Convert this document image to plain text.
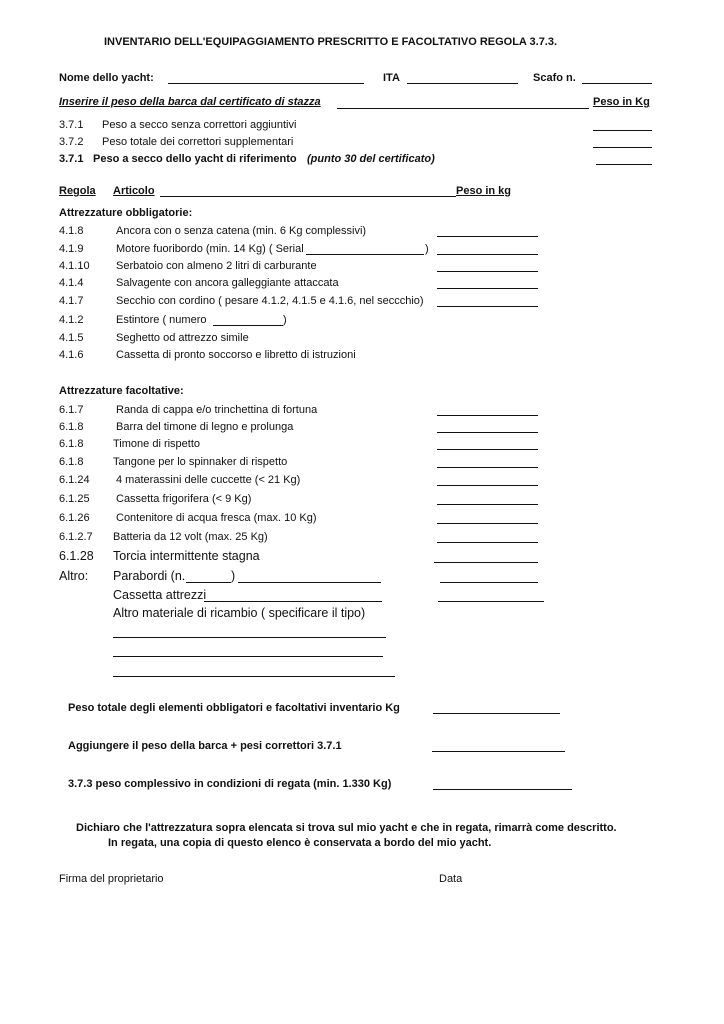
INVENTARIO DELL'EQUIPAGGIAMENTO PRESCRITTO E FACOLTATIVO REGOLA 3.7.3.
Nome dello yacht:	ITA	Scafo n.
Inserire il peso della barca dal certificato di stazza	Peso in Kg
3.7.1 Peso a secco senza correttori aggiuntivi
3.7.2 Peso totale dei correttori supplementari
3.7.1 Peso a secco dello yacht di riferimento (punto 30 del certificato)
Regola Articolo	Peso in kg
Attrezzature obbligatorie:
4.1.8	Ancora con o senza catena (min. 6 Kg complessivi)
4.1.9	Motore fuoribordo (min. 14 Kg) ( Serial	)
4.1.10 Serbatoio con almeno 2 litri di carburante
4.1.4	Salvagente con ancora galleggiante attaccata
4.1.7	Secchio con cordino ( pesare 4.1.2, 4.1.5 e 4.1.6, nel seccchio)
4.1.2	Estintore ( numero	)
4.1.5	Seghetto od attrezzo simile
4.1.6	Cassetta di pronto soccorso e libretto di istruzioni
Attrezzature facoltative:
6.1.7	Randa di cappa e/o trinchettina di fortuna
6.1.8	Barra del timone di legno e prolunga
6.1.8	Timone di rispetto
6.1.8	Tangone per lo spinnaker di rispetto
6.1.24 4 materassini delle cuccette (< 21 Kg)
6.1.25 Cassetta frigorifera (< 9 Kg)
6.1.26 Contenitore di acqua fresca (max. 10 Kg)
6.1.2.7 Batteria da 12 volt (max. 25 Kg)
6.1.28 Torcia intermittente stagna
Altro: Parabordi (n.	)
Cassetta attrezzi
Altro materiale di ricambio ( specificare il tipo)
Peso totale degli elementi obbligatori e facoltativi inventario Kg
Aggiungere il peso della barca + pesi correttori 3.7.1
3.7.3 peso complessivo in condizioni di regata (min. 1.330 Kg)
Dichiaro che l'attrezzatura sopra elencata si trova sul mio yacht e che in regata, rimarrà come descritto.
In regata, una copia di questo elenco è conservata a bordo del mio yacht.
Firma del proprietario	Data
